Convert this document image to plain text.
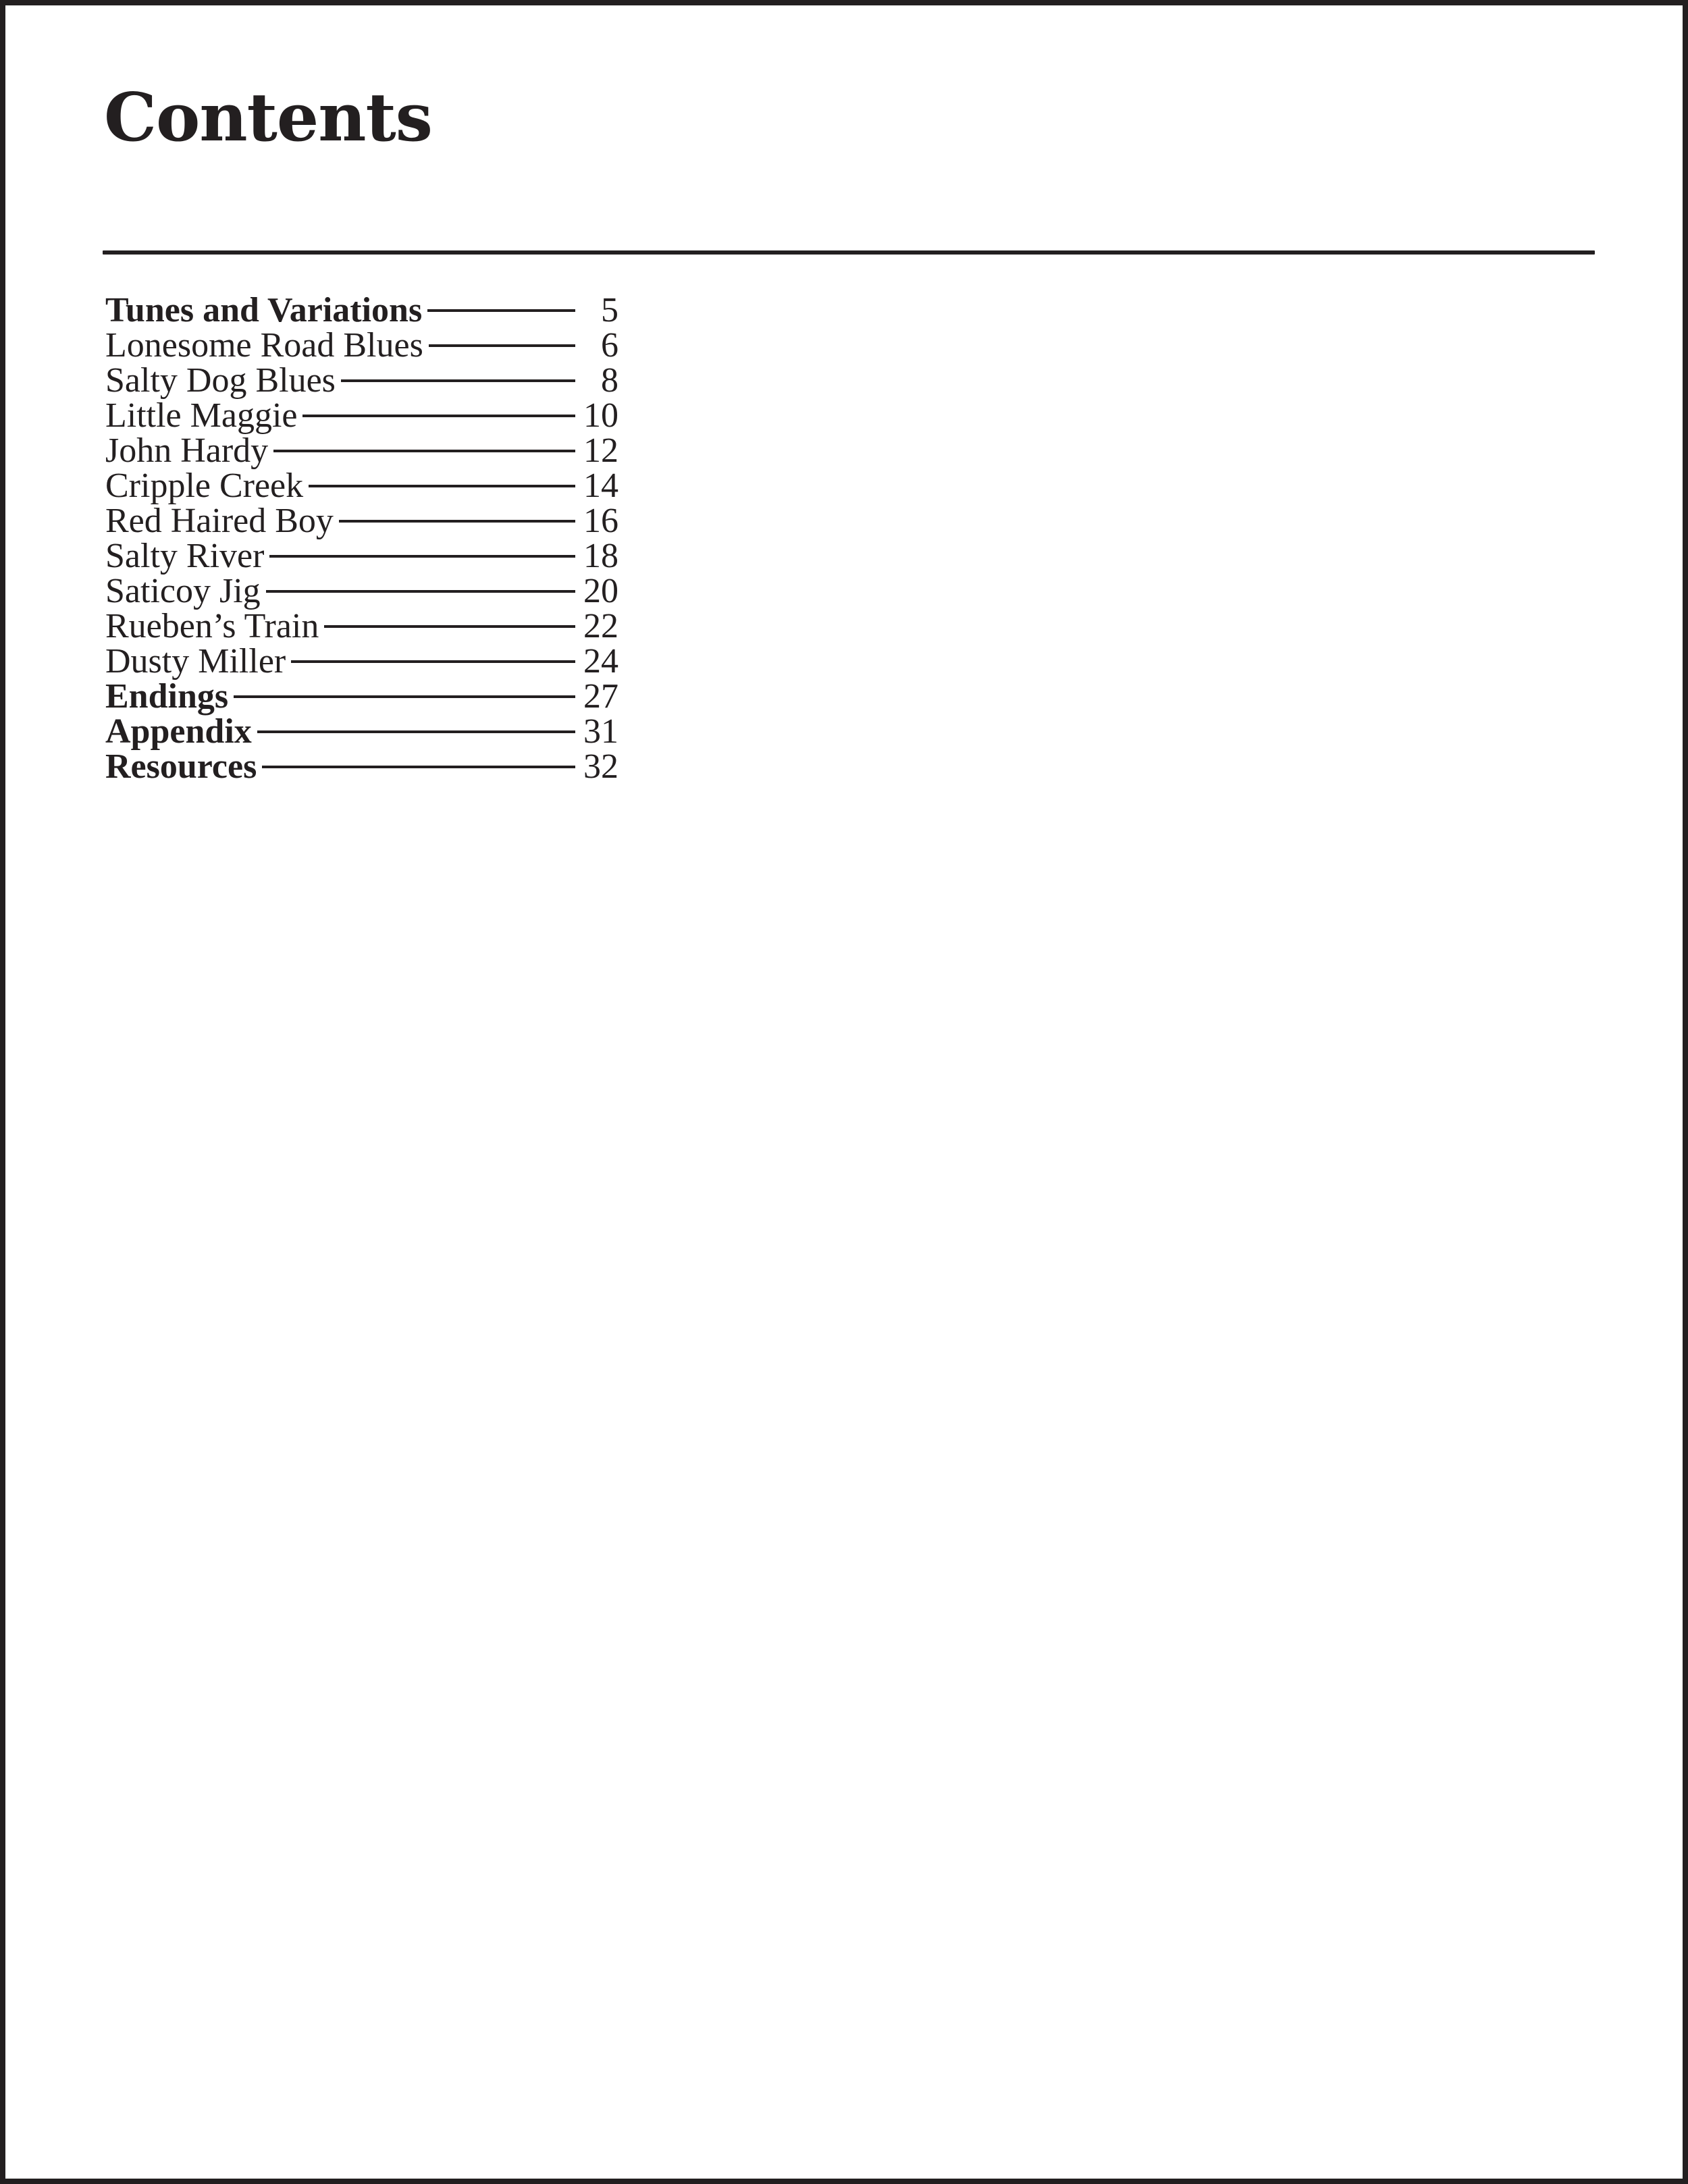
Contents
Tunes and Variations	5
Lonesome Road Blues	6
Salty Dog Blues	8
Little Maggie	10
John Hardy	12
Cripple Creek	14
Red Haired Boy	16
Salty River	18
Saticoy Jig	20
Rueben’s Train	22
Dusty Miller	24
Endings	27
Appendix	31
Resources	32
